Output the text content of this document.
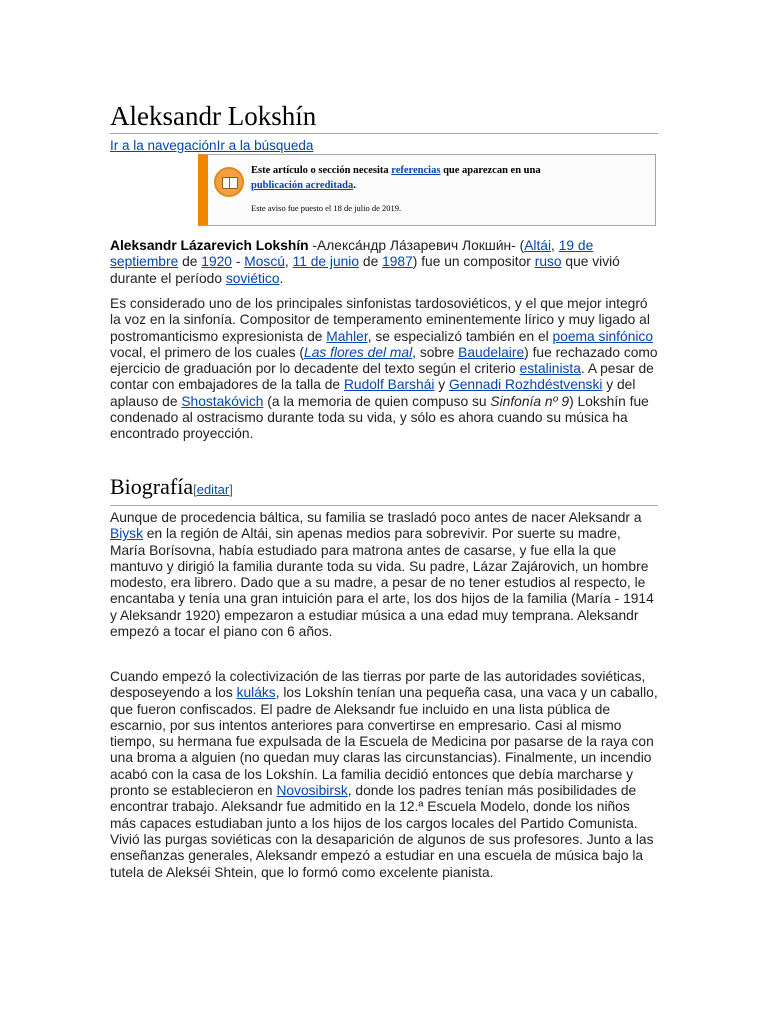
Aleksandr Lokshín
Ir a la navegaciónIr a la búsqueda
Este artículo o sección necesita referencias que aparezcan en una publicación acreditada.
Este aviso fue puesto el 18 de julio de 2019.

Aleksandr Lázarevich Lokshín -Алекса́ндр Ла́заревич Локши́н- (Altái, 19 de septiembre de 1920 - Moscú, 11 de junio de 1987) fue un compositor ruso que vivió durante el período soviético.

Es considerado uno de los principales sinfonistas tardosoviéticos, y el que mejor integró la voz en la sinfonía. Compositor de temperamento eminentemente lírico y muy ligado al postromanticismo expresionista de Mahler, se especializó también en el poema sinfónico vocal, el primero de los cuales (Las flores del mal, sobre Baudelaire) fue rechazado como ejercicio de graduación por lo decadente del texto según el criterio estalinista. A pesar de contar con embajadores de la talla de Rudolf Barshái y Gennadi Rozhdéstvenski y del aplauso de Shostakóvich (a la memoria de quien compuso su Sinfonía nº 9) Lokshín fue condenado al ostracismo durante toda su vida, y sólo es ahora cuando su música ha encontrado proyección.

Biografía[editar]

Aunque de procedencia báltica, su familia se trasladó poco antes de nacer Aleksandr a Biysk en la región de Altái, sin apenas medios para sobrevivir. Por suerte su madre, María Borísovna, había estudiado para matrona antes de casarse, y fue ella la que mantuvo y dirigió la familia durante toda su vida. Su padre, Lázar Zajárovich, un hombre modesto, era librero. Dado que a su madre, a pesar de no tener estudios al respecto, le encantaba y tenía una gran intuición para el arte, los dos hijos de la familia (María - 1914 y Aleksandr 1920) empezaron a estudiar música a una edad muy temprana. Aleksandr empezó a tocar el piano con 6 años.

Cuando empezó la colectivización de las tierras por parte de las autoridades soviéticas, desposeyendo a los kuláks, los Lokshín tenían una pequeña casa, una vaca y un caballo, que fueron confiscados. El padre de Aleksandr fue incluido en una lista pública de escarnio, por sus intentos anteriores para convertirse en empresario. Casi al mismo tiempo, su hermana fue expulsada de la Escuela de Medicina por pasarse de la raya con una broma a alguien (no quedan muy claras las circunstancias). Finalmente, un incendio acabó con la casa de los Lokshín. La familia decidió entonces que debía marcharse y pronto se establecieron en Novosibirsk, donde los padres tenían más posibilidades de encontrar trabajo. Aleksandr fue admitido en la 12.ª Escuela Modelo, donde los niños más capaces estudiaban junto a los hijos de los cargos locales del Partido Comunista. Vivió las purgas soviéticas con la desaparición de algunos de sus profesores. Junto a las enseñanzas generales, Aleksandr empezó a estudiar en una escuela de música bajo la tutela de Alekséi Shtein, que lo formó como excelente pianista.
